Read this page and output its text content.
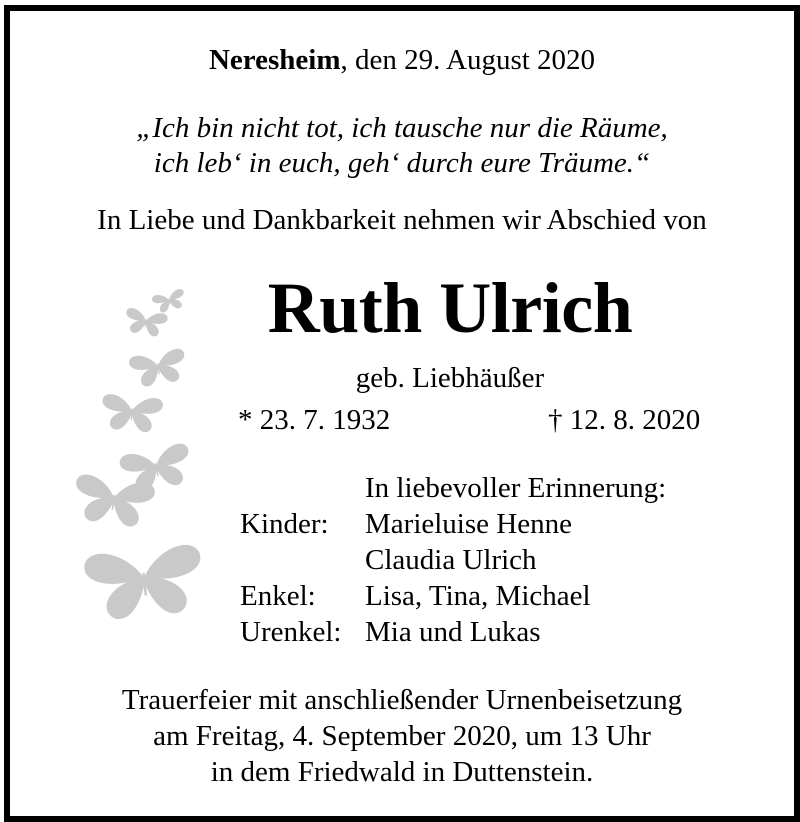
Neresheim, den 29. August 2020
„Ich bin nicht tot, ich tausche nur die Räume,
ich leb‘ in euch, geh‘ durch eure Träume.“
In Liebe und Dankbarkeit nehmen wir Abschied von
Ruth Ulrich
geb. Liebhäußer
* 23. 7. 1932	† 12. 8. 2020
In liebevoller Erinnerung:
Kinder: Marieluise Henne
Claudia Ulrich
Enkel: Lisa, Tina, Michael
Urenkel: Mia und Lukas
Trauerfeier mit anschließender Urnenbeisetzung
am Freitag, 4. September 2020, um 13 Uhr
in dem Friedwald in Duttenstein.
